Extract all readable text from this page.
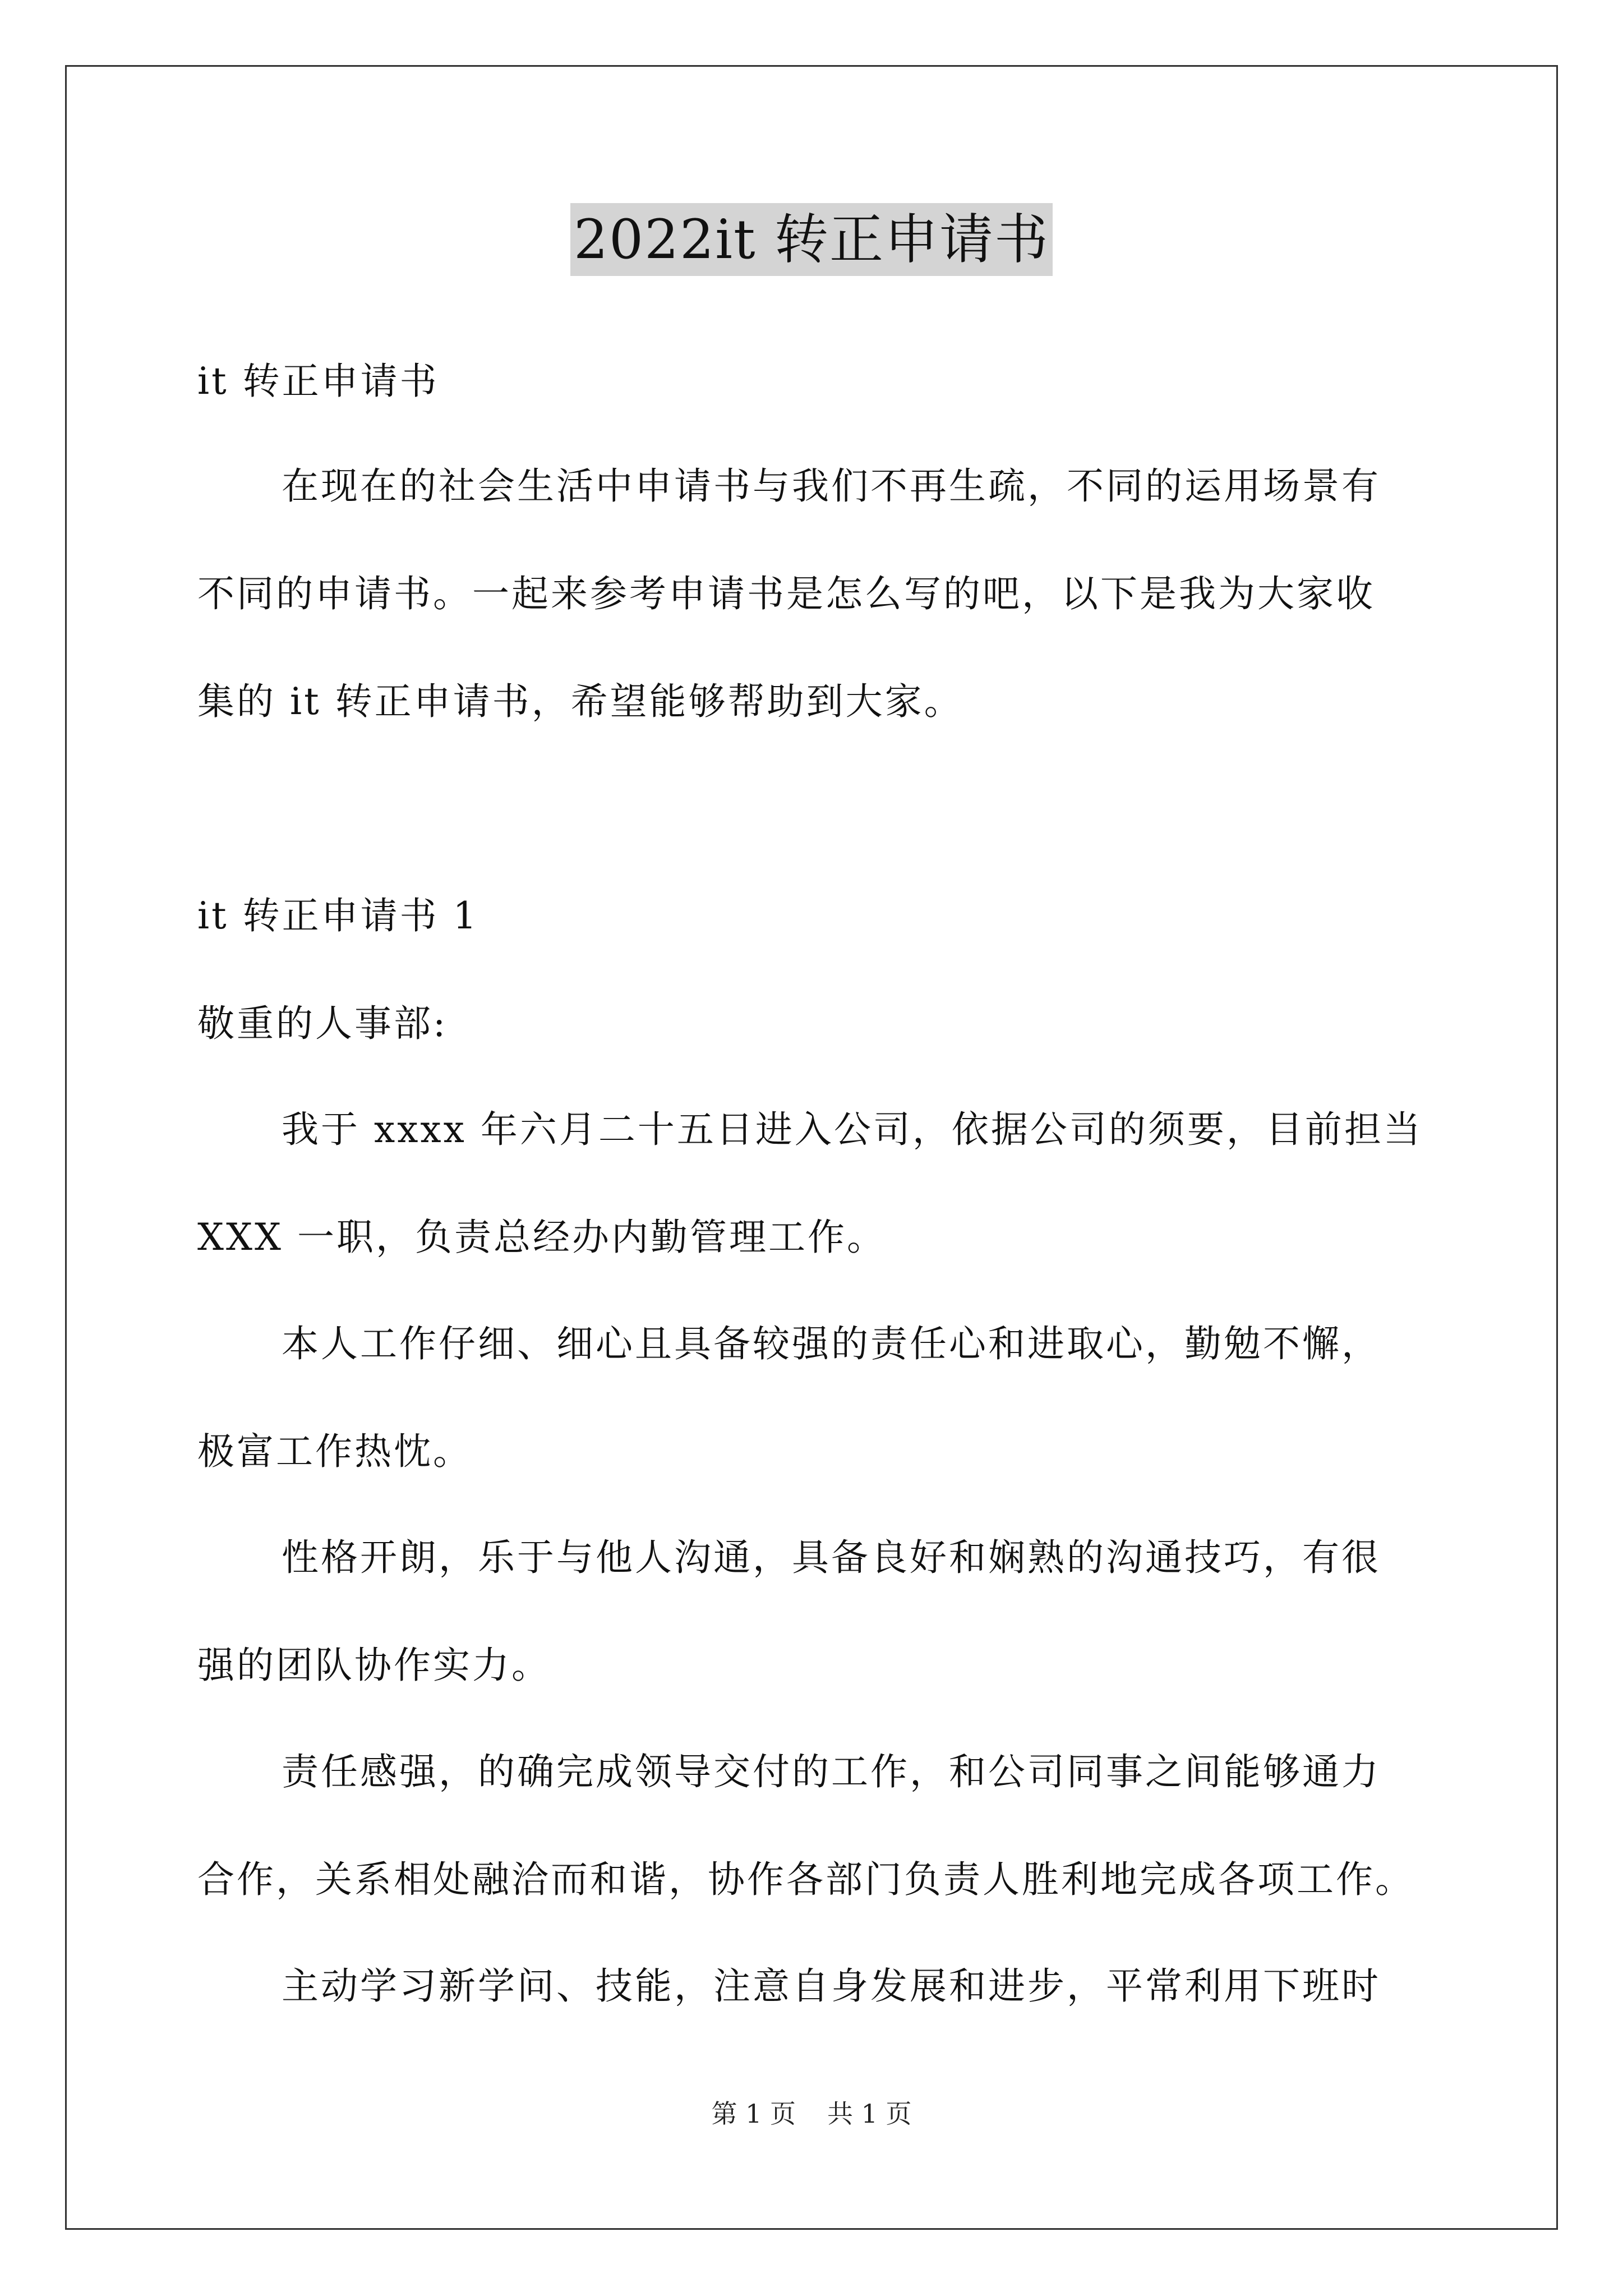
2022it 转正申请书
it 转正申请书
在现在的社会生活中申请书与我们不再生疏，不同的运用场景有
不同的申请书。一起来参考申请书是怎么写的吧，以下是我为大家收
集的 it 转正申请书，希望能够帮助到大家。
it 转正申请书 1
敬重的人事部:
我于 xxxx 年六月二十五日进入公司，依据公司的须要，目前担当
XXX 一职，负责总经办内勤管理工作。
本人工作仔细、细心且具备较强的责任心和进取心，勤勉不懈，
极富工作热忱。
性格开朗，乐于与他人沟通，具备良好和娴熟的沟通技巧，有很
强的团队协作实力。
责任感强，的确完成领导交付的工作，和公司同事之间能够通力
合作，关系相处融洽而和谐，协作各部门负责人胜利地完成各项工作。
主动学习新学问、技能，注意自身发展和进步，平常利用下班时
第 1 页 共 1 页
